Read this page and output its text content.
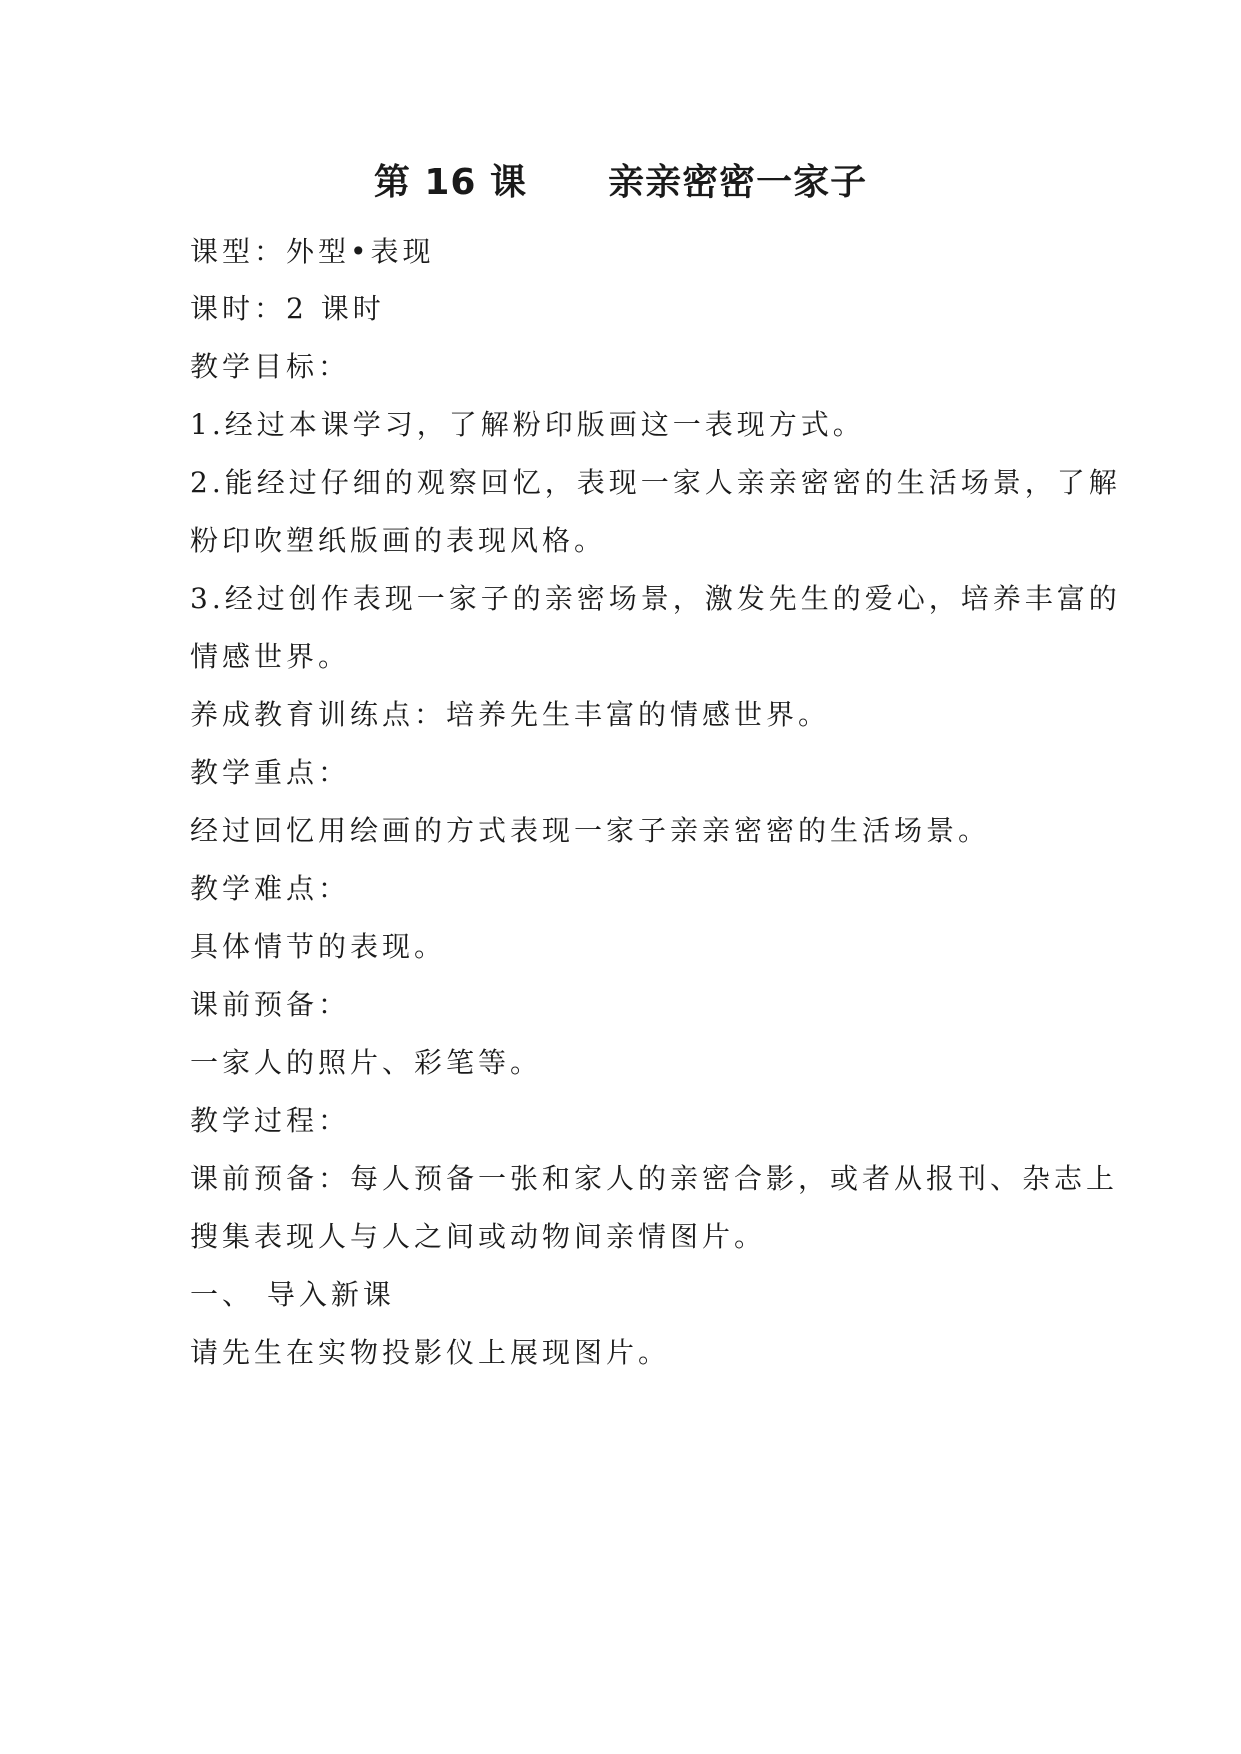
第 16 课      亲亲密密一家子
课型：外型•表现
课时：2 课时
教学目标：
1.经过本课学习，了解粉印版画这一表现方式。
2.能经过仔细的观察回忆，表现一家人亲亲密密的生活场景，了解
粉印吹塑纸版画的表现风格。
3.经过创作表现一家子的亲密场景，激发先生的爱心，培养丰富的
情感世界。
养成教育训练点：培养先生丰富的情感世界。
教学重点：
经过回忆用绘画的方式表现一家子亲亲密密的生活场景。
教学难点：
具体情节的表现。
课前预备：
一家人的照片、彩笔等。
教学过程：
课前预备：每人预备一张和家人的亲密合影，或者从报刊、杂志上
搜集表现人与人之间或动物间亲情图片。
一、 导入新课
请先生在实物投影仪上展现图片。
